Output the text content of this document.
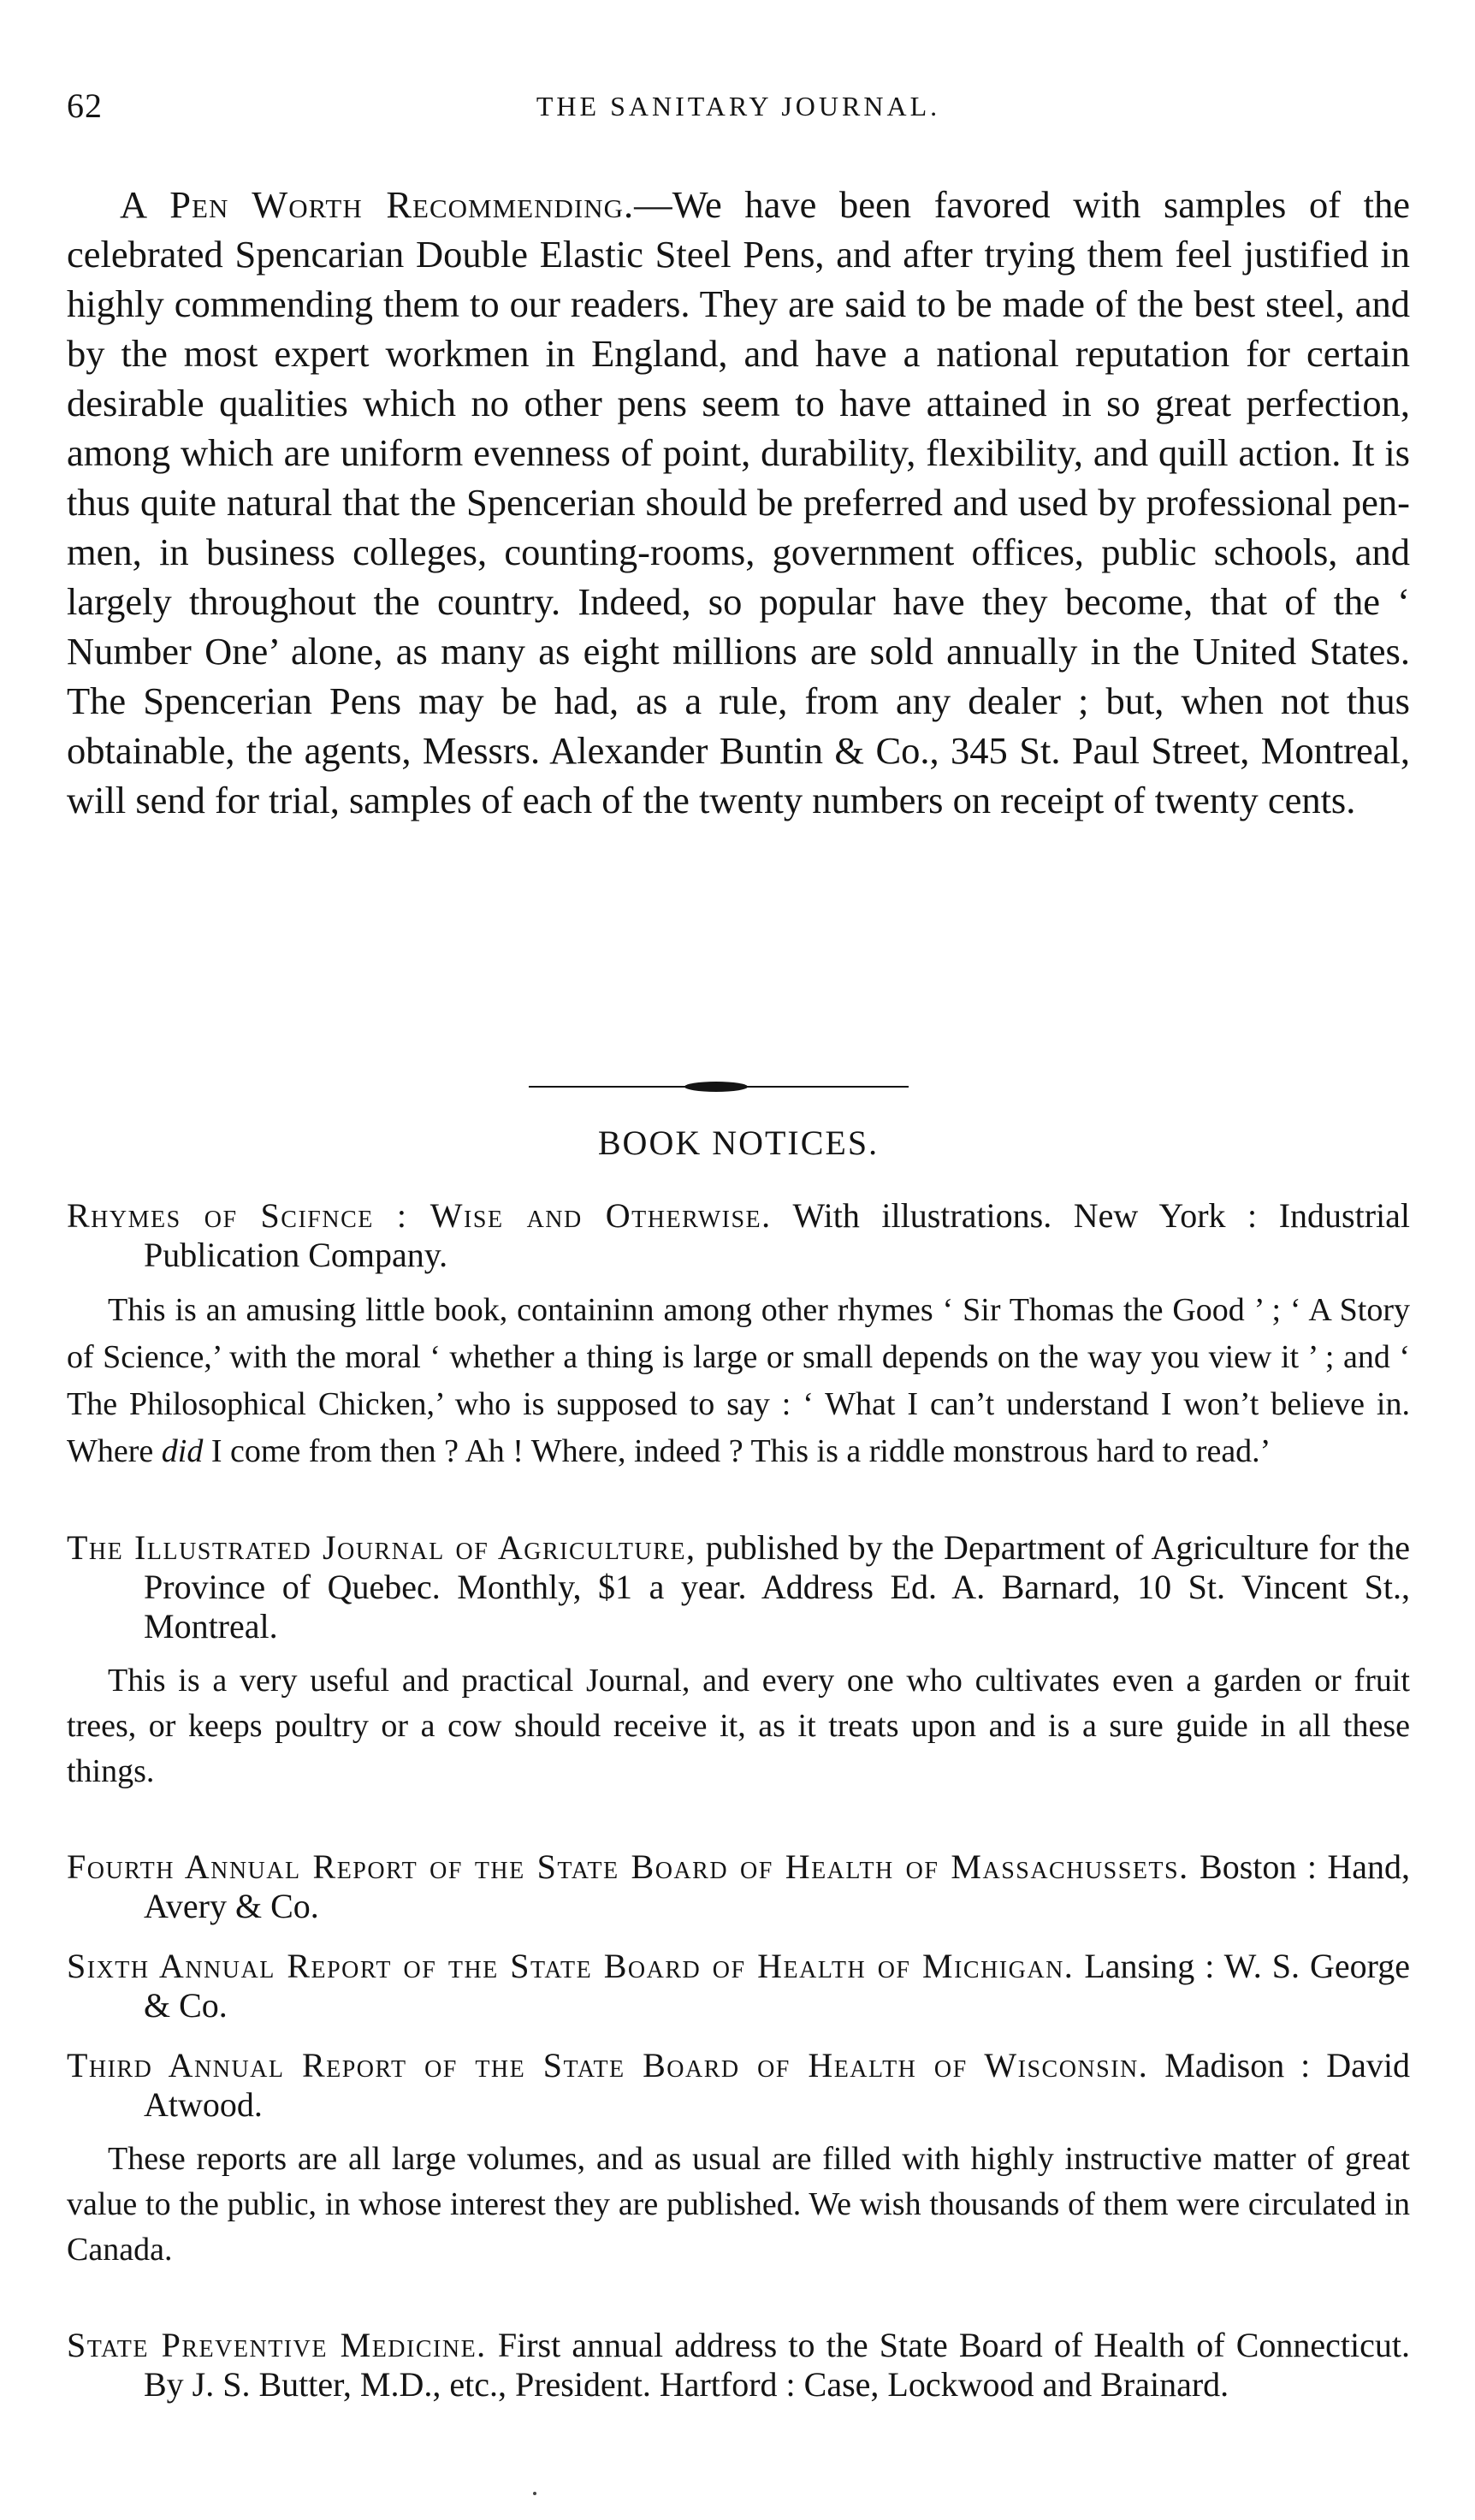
62	THE SANITARY JOURNAL.

A Pen Worth Recommending.—We have been favored with samples of the celebrated Spencarian Double Elastic Steel Pens, and after trying them feel justified in highly commending them to our readers. They are said to be made of the best steel, and by the most expert workmen in England, and have a national reputation for certain desirable qualities which no other pens seem to have attained in so great perfection, among which are uniform evenness of point, durability, flexibility, and quill action. It is thus quite natural that the Spencerian should be preferred and used by professional pen-men, in business colleges, counting-rooms, government offices, public schools, and largely throughout the country. Indeed, so popular have they become, that of the ‘ Number One’ alone, as many as eight millions are sold annually in the United States. The Spencerian Pens may be had, as a rule, from any dealer ; but, when not thus obtainable, the agents, Messrs. Alexander Buntin & Co., 345 St. Paul Street, Montreal, will send for trial, samples of each of the twenty numbers on receipt of twenty cents.

BOOK NOTICES.

Rhymes of Scifnce : Wise and Otherwise. With illustrations. New York : Industrial Publication Company.

This is an amusing little book, containinn among other rhymes ‘ Sir Thomas the Good ’ ; ‘ A Story of Science,’ with the moral ‘ whether a thing is large or small depends on the way you view it ’ ; and ‘ The Philosophical Chicken,’ who is supposed to say : ‘ What I can’t understand I won’t believe in. Where did I come from then ? Ah ! Where, indeed ? This is a riddle monstrous hard to read.’

The Illustrated Journal of Agriculture, published by the Department of Agriculture for the Province of Quebec. Monthly, $1 a year. Address Ed. A. Barnard, 10 St. Vincent St., Montreal.

This is a very useful and practical Journal, and every one who cultivates even a garden or fruit trees, or keeps poultry or a cow should receive it, as it treats upon and is a sure guide in all these things.

Fourth Annual Report of the State Board of Health of Massachussets. Boston : Hand, Avery & Co.

Sixth Annual Report of the State Board of Health of Michigan. Lansing : W. S. George & Co.

Third Annual Report of the State Board of Health of Wisconsin. Madison : David Atwood.

These reports are all large volumes, and as usual are filled with highly instructive matter of great value to the public, in whose interest they are published. We wish thousands of them were circulated in Canada.

State Preventive Medicine. First annual address to the State Board of Health of Connecticut. By J. S. Butter, M.D., etc., President. Hartford : Case, Lockwood and Brainard.
